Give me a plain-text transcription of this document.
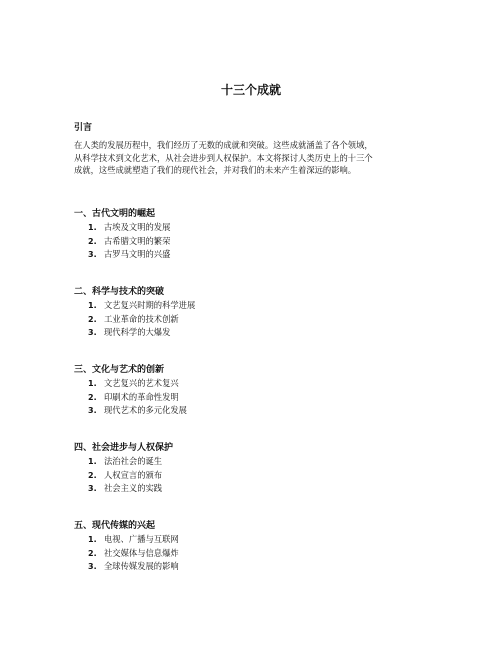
十三个成就
引言

在人类的发展历程中，我们经历了无数的成就和突破。这些成就涵盖了各个领域，
从科学技术到文化艺术，从社会进步到人权保护。本文将探讨人类历史上的十三个
成就，这些成就塑造了我们的现代社会，并对我们的未来产生着深远的影响。

一、古代文明的崛起
1. 古埃及文明的发展
2. 古希腊文明的繁荣
3. 古罗马文明的兴盛
二、科学与技术的突破
1. 文艺复兴时期的科学进展
2. 工业革命的技术创新
3. 现代科学的大爆发
三、文化与艺术的创新
1. 文艺复兴的艺术复兴
2. 印刷术的革命性发明
3. 现代艺术的多元化发展
四、社会进步与人权保护
1. 法治社会的诞生
2. 人权宣言的颁布
3. 社会主义的实践
五、现代传媒的兴起
1. 电视、广播与互联网
2. 社交媒体与信息爆炸
3. 全球传媒发展的影响
